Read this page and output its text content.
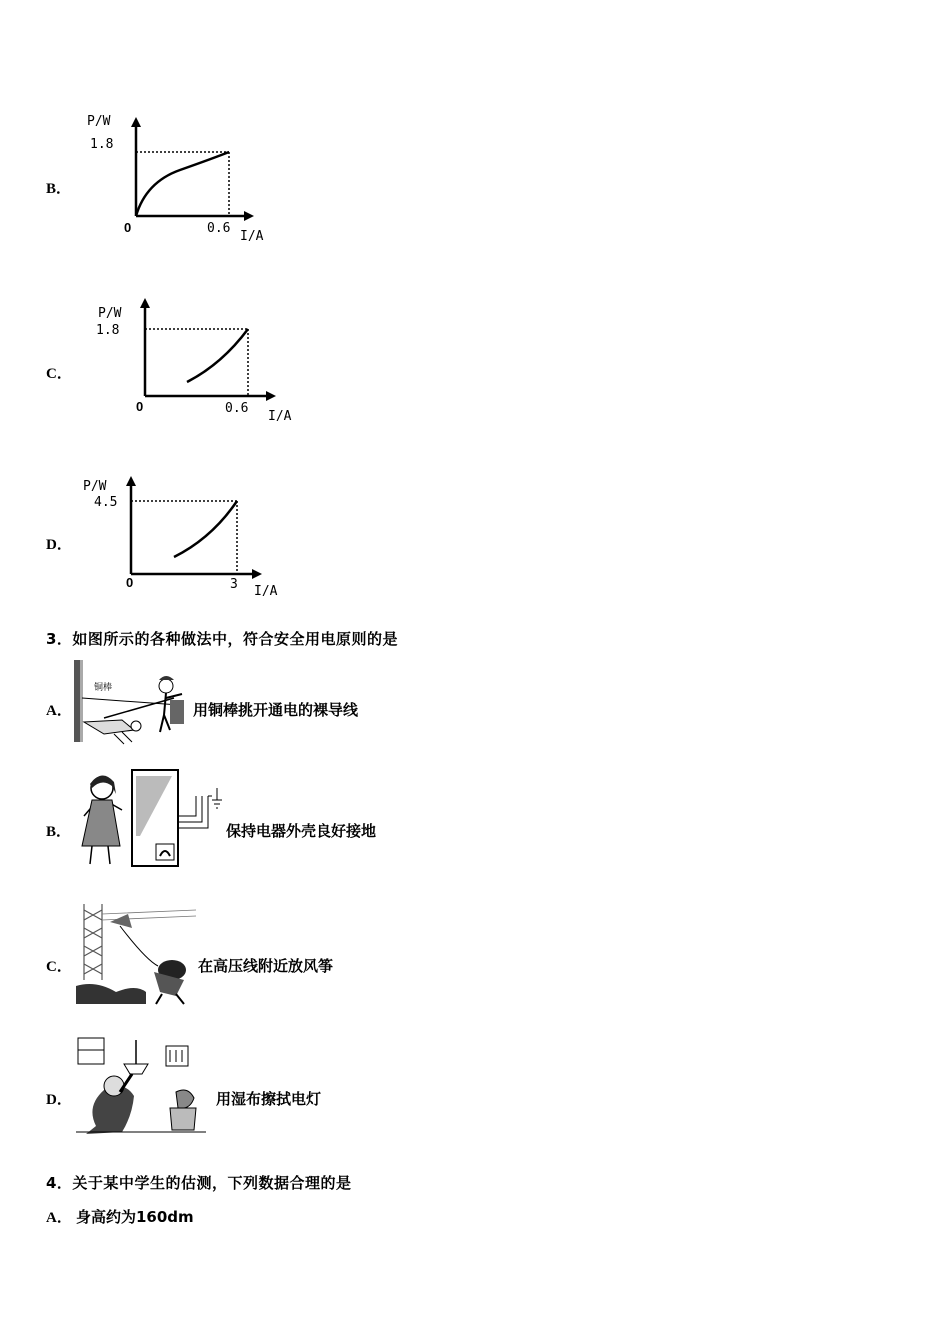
B．
P/W
1.8
0	0.6
I/A
C．
P/W
1.8
0	0.6
I/A
D．
P/W
4.5
0	3 I/A
3．如图所示的各种做法中，符合安全用电原则的是
A．
铜棒
用铜棒挑开通电的裸导线
B．	保持电器外壳良好接地
C．	在高压线附近放风筝
D．	用湿布擦拭电灯
4．关于某中学生的估测，下列数据合理的是
A． 身高约为160dm
